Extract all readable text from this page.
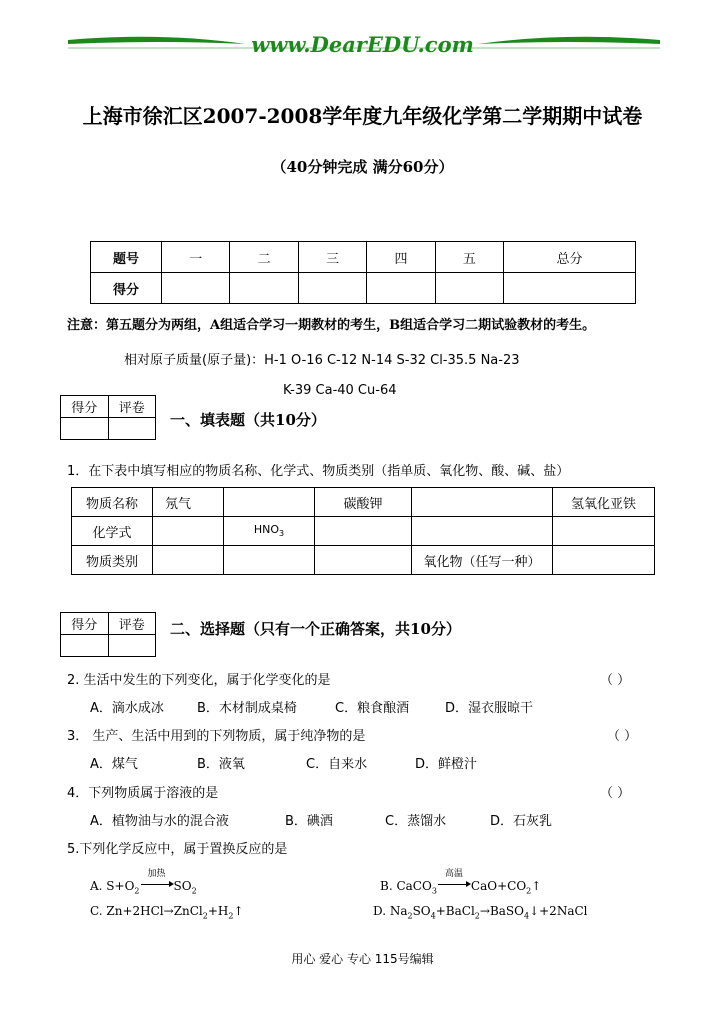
www.DearEDU.com
上海市徐汇区2007-2008学年度九年级化学第二学期期中试卷
（40分钟完成 满分60分）
题号	一	二	三	四	五	总分
得分						
注意：第五题分为两组，A组适合学习一期教材的考生，B组适合学习二期试验教材的考生。
相对原子质量(原子量)：H-1 O-16 C-12 N-14 S-32 Cl-35.5 Na-23
K-39 Ca-40 Cu-64
得分	评卷

一、填表题（共10分）
1．在下表中填写相应的物质名称、化学式、物质类别（指单质、氧化物、酸、碱、盐）
物质名称	氖气		碳酸钾		氢氧化亚铁
化学式		$HNO_3$			
物质类别				氧化物（任写一种）	
得分	评卷
	二、选择题（只有一个正确答案，共10分）
2. 生活中发生的下列变化，属于化学变化的是	（ ）
A．滴水成冰	B．木材制成桌椅	C．粮食酿酒	D．湿衣服晾干
3． 生产、生活中用到的下列物质，属于纯净物的是	（ ）
A．煤气	B．液氧	C．自来水	D．鲜橙汁
4．下列物质属于溶液的是	（ ）
A．植物油与水的混合液	B．碘酒	C．蒸馏水	D．石灰乳
5.下列化学反应中，属于置换反应的是
A. $S+O_2$
加热
$SO_2$	B. CaCO$_3$
高温
$CaO+CO_2↑$
C. $Zn+2HCl\to ZnCl_2+H_2↑$	D. $Na_2SO_4+BaCl_2\to BaSO_4↓+2NaCl$
用心 爱心 专心 115号编辑
